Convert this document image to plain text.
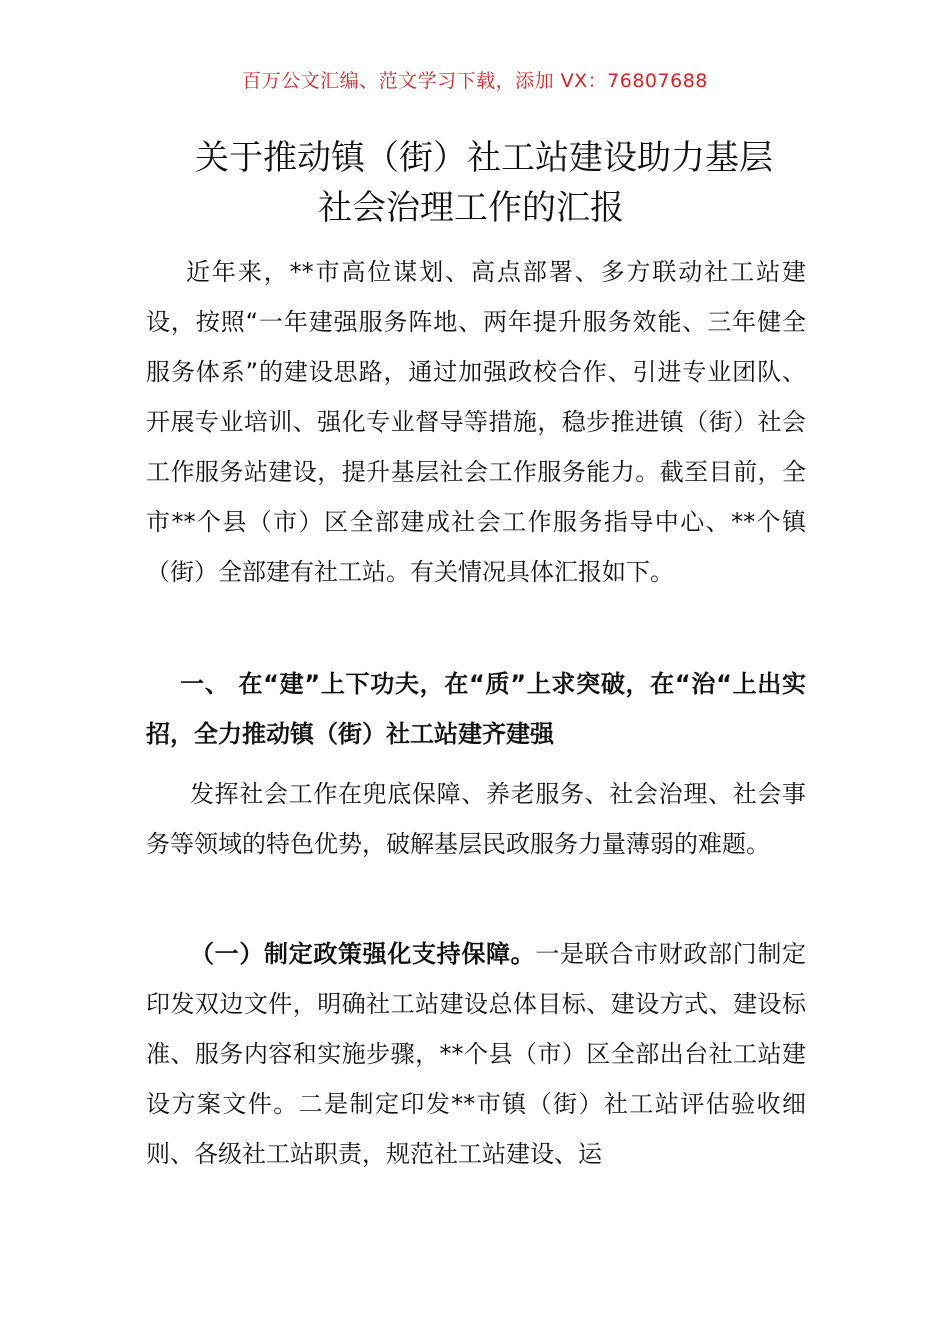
百万公文汇编、范文学习下载，添加 VX：76807688
关于推动镇（街）社工站建设助力基层
社会治理工作的汇报

近年来，**市高位谋划、高点部署、多方联动社工站建设，按照“一年建强服务阵地、两年提升服务效能、三年健全服务体系”的建设思路，通过加强政校合作、引进专业团队、开展专业培训、强化专业督导等措施，稳步推进镇（街）社会工作服务站建设，提升基层社会工作服务能力。截至目前，全市**个县（市）区全部建成社会工作服务指导中心、**个镇（街）全部建有社工站。有关情况具体汇报如下。

一、 在“建”上下功夫，在“质”上求突破，在“治“上出实招，全力推动镇（街）社工站建齐建强

发挥社会工作在兜底保障、养老服务、社会治理、社会事务等领域的特色优势，破解基层民政服务力量薄弱的难题。

（一）制定政策强化支持保障。一是联合市财政部门制定印发双边文件，明确社工站建设总体目标、建设方式、建设标准、服务内容和实施步骤，**个县（市）区全部出台社工站建设方案文件。二是制定印发**市镇（街）社工站评估验收细则、各级社工站职责，规范社工站建设、运
